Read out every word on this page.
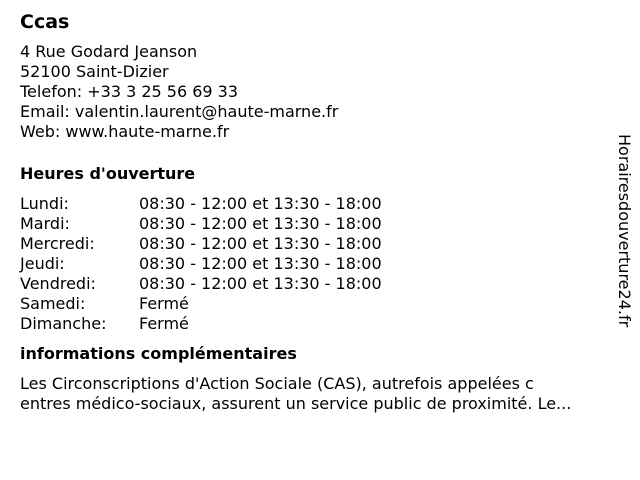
Ccas
4 Rue Godard Jeanson
52100 Saint-Dizier
Telefon: +33 3 25 56 69 33
Email: valentin.laurent@haute-marne.fr
Web: www.haute-marne.fr
Heures d'ouverture
Lundi:	08:30 - 12:00 et 13:30 - 18:00
Mardi:	08:30 - 12:00 et 13:30 - 18:00
Mercredi:	08:30 - 12:00 et 13:30 - 18:00
Jeudi:	08:30 - 12:00 et 13:30 - 18:00
Vendredi:	08:30 - 12:00 et 13:30 - 18:00
Samedi:	Fermé
Dimanche:	Fermé
informations complémentaires
Les Circonscriptions d'Action Sociale (CAS), autrefois appelées c
entres médico-sociaux, assurent un service public de proximité. Le...
Horairesdouverture24.fr
